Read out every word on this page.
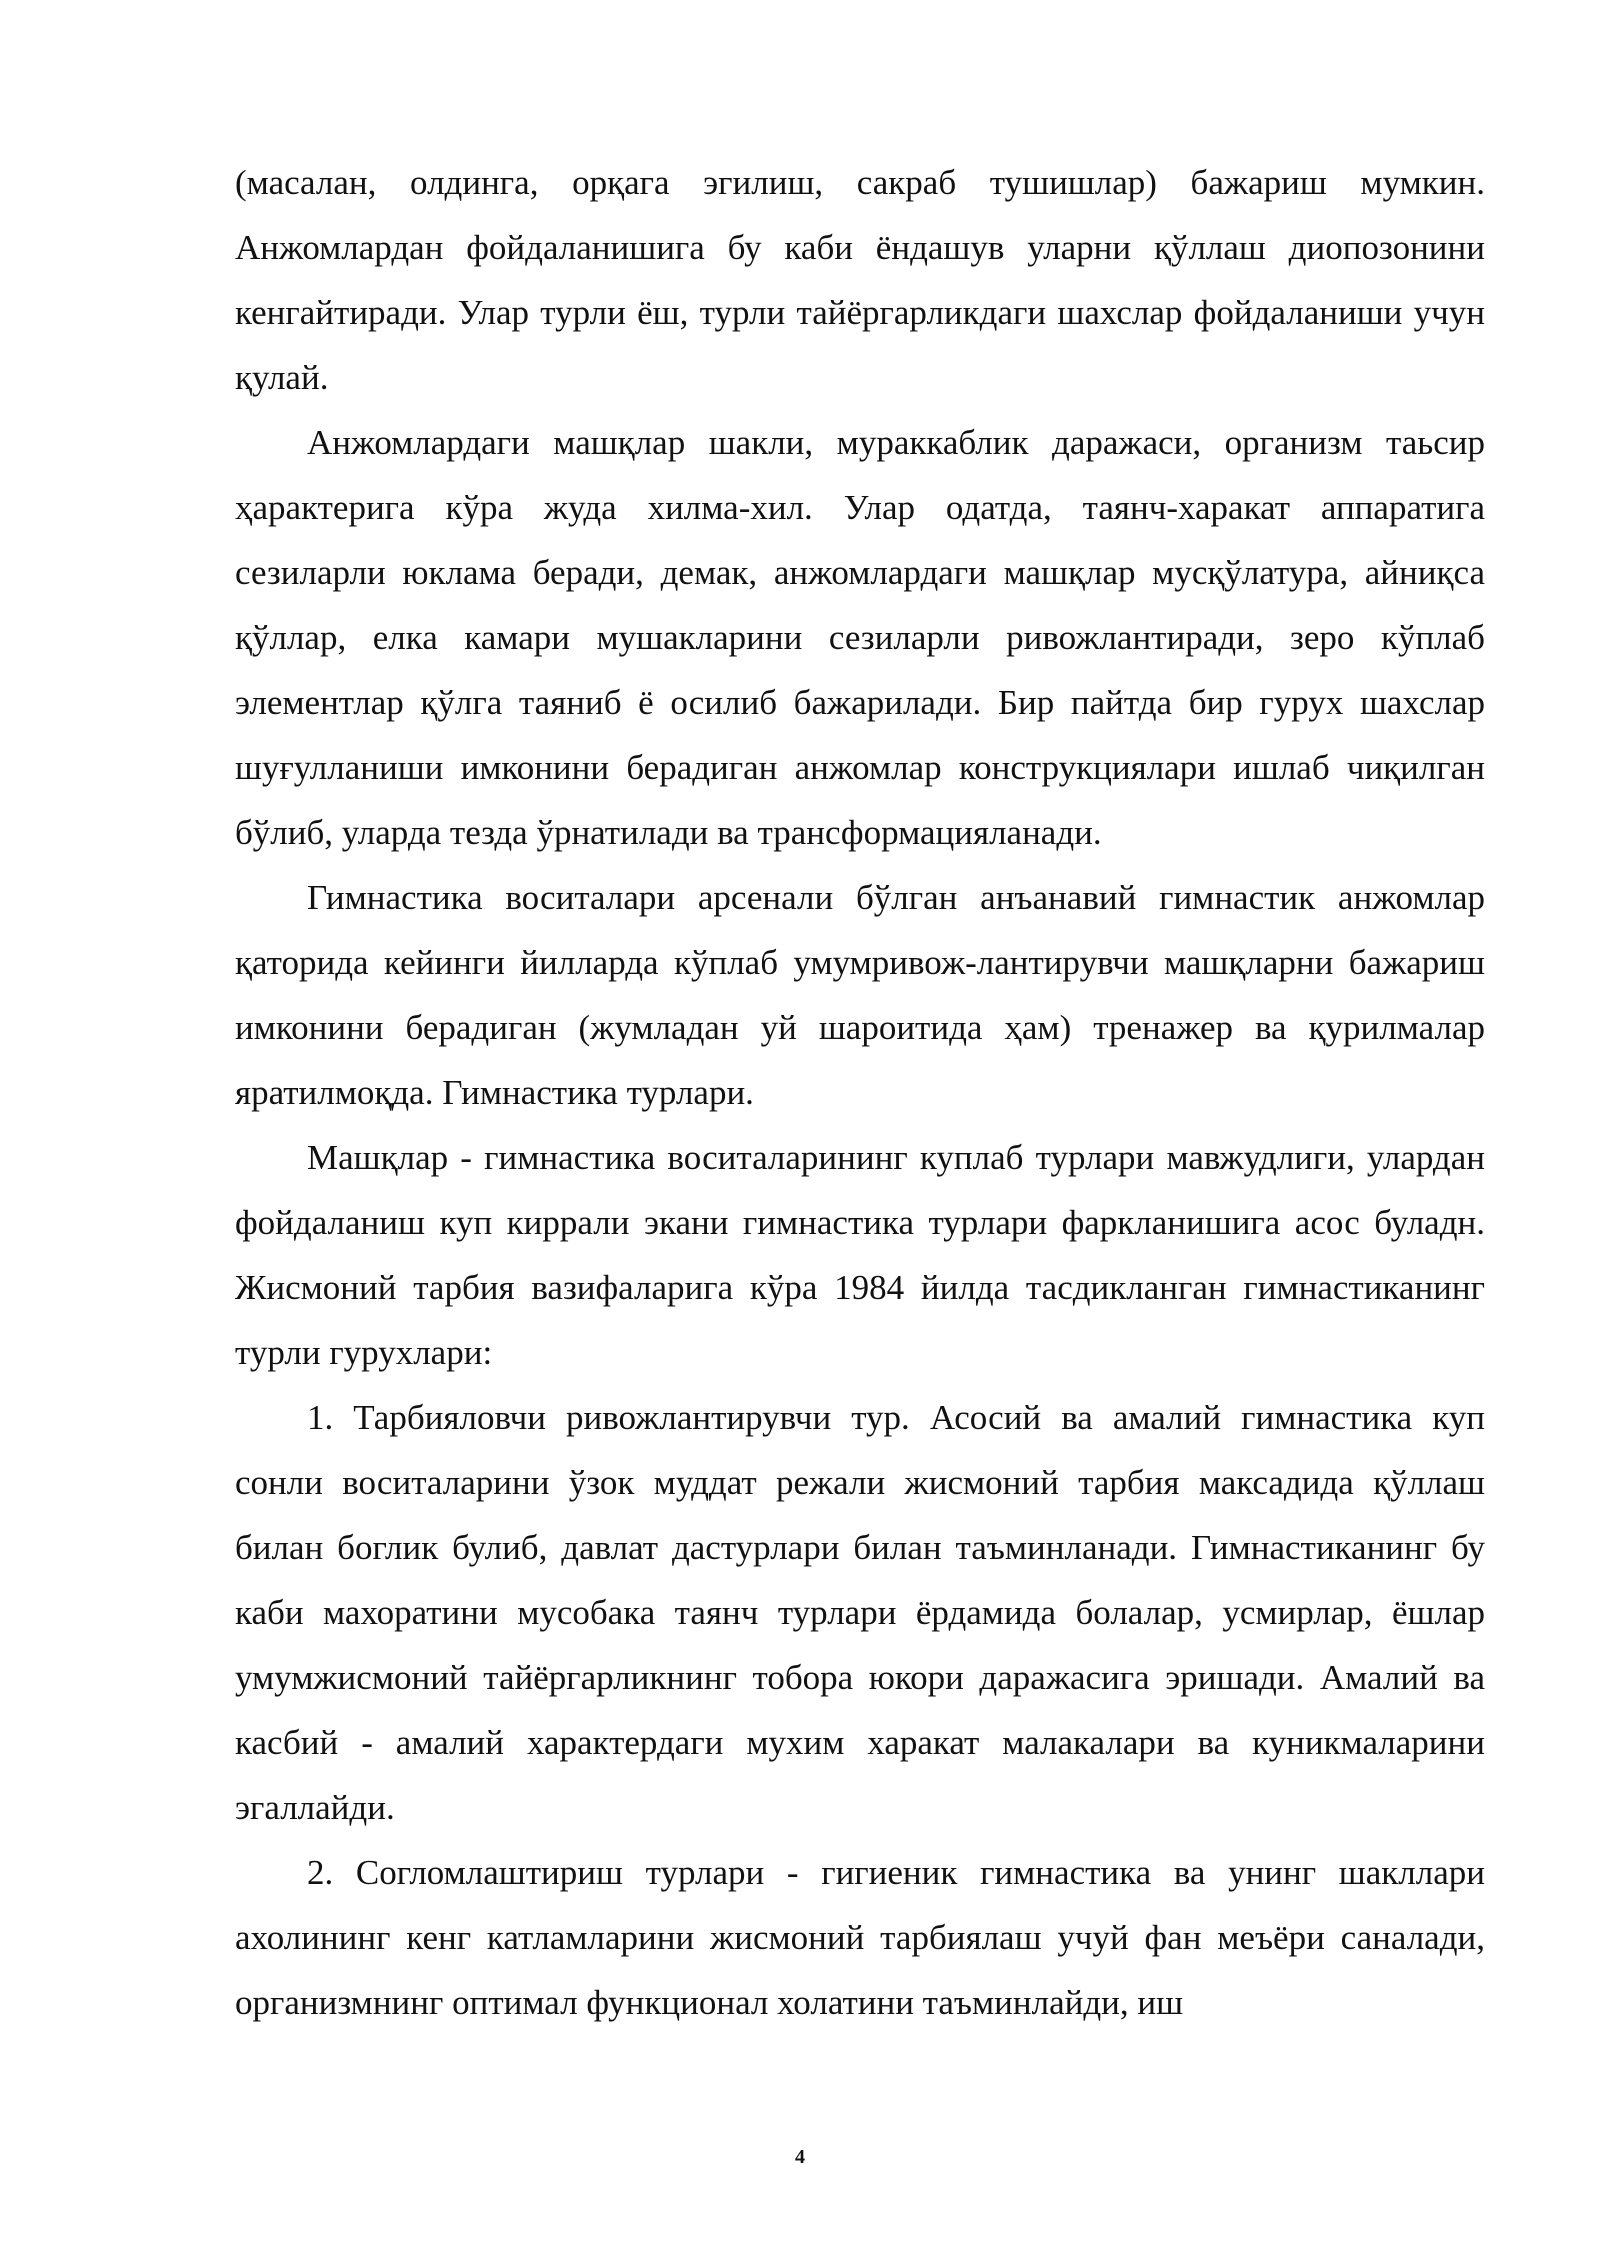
(масалан, олдинга, орқага эгилиш, сакраб тушишлар) бажариш мумкин. Анжомлардан фойдаланишига бу каби ёндашув уларни қўллаш диопозонини кенгайтиради. Улар турли ёш, турли тайёргарликдаги шахслар фойдаланиши учун қулай.

Анжомлардаги машқлар шакли, мураккаблик даражаси, организм таьсир ҳарактерига кўра жуда хилма-хил. Улар одатда, таянч-харакат аппаратига сезиларли юклама беради, демак, анжомлардаги машқлар мусқўлатура, айниқса қўллар, елка камари мушакларини сезиларли ривожлантиради, зеро кўплаб элементлар қўлга таяниб ё осилиб бажарилади. Бир пайтда бир гурух шахслар шуғулланиши имконини берадиган анжомлар конструкциялари ишлаб чиқилган бўлиб, уларда тезда ўрнатилади ва трансформацияланади.

Гимнастика воситалари арсенали бўлган анъанавий гимнастик анжомлар қаторида кейинги йилларда кўплаб умумривож-лантирувчи машқларни бажариш имконини берадиган (жумладан уй шароитида ҳам) тренажер ва қурилмалар яратилмоқда. Гимнастика турлари.

Машқлар - гимнастика воситаларининг куплаб турлари мавжудлиги, улардан фойдаланиш куп киррали экани гимнастика турлари фаркланишига асос буладн. Жисмоний тарбия вазифаларига кўра 1984 йилда тасдикланган гимнастиканинг турли гурухлари:

1. Тарбияловчи ривожлантирувчи тур. Асосий ва амалий гимнастика куп сонли воситаларини ўзок муддат режали жисмоний тарбия максадида қўллаш билан боглик булиб, давлат дастурлари билан таъминланади. Гимнастиканинг бу каби махоратини мусобака таянч турлари ёрдамида болалар, усмирлар, ёшлар умумжисмоний тайёргарликнинг тобора юкори даражасига эришади. Амалий ва касбий - амалий характердаги мухим харакат малакалари ва куникмаларини эгаллайди.

2. Согломлаштириш турлари - гигиеник гимнастика ва унинг шакллари ахолининг кенг катламларини жисмоний тарбиялаш учуй фан меъёри саналади, организмнинг оптимал функционал холатини таъминлайди, иш

4
